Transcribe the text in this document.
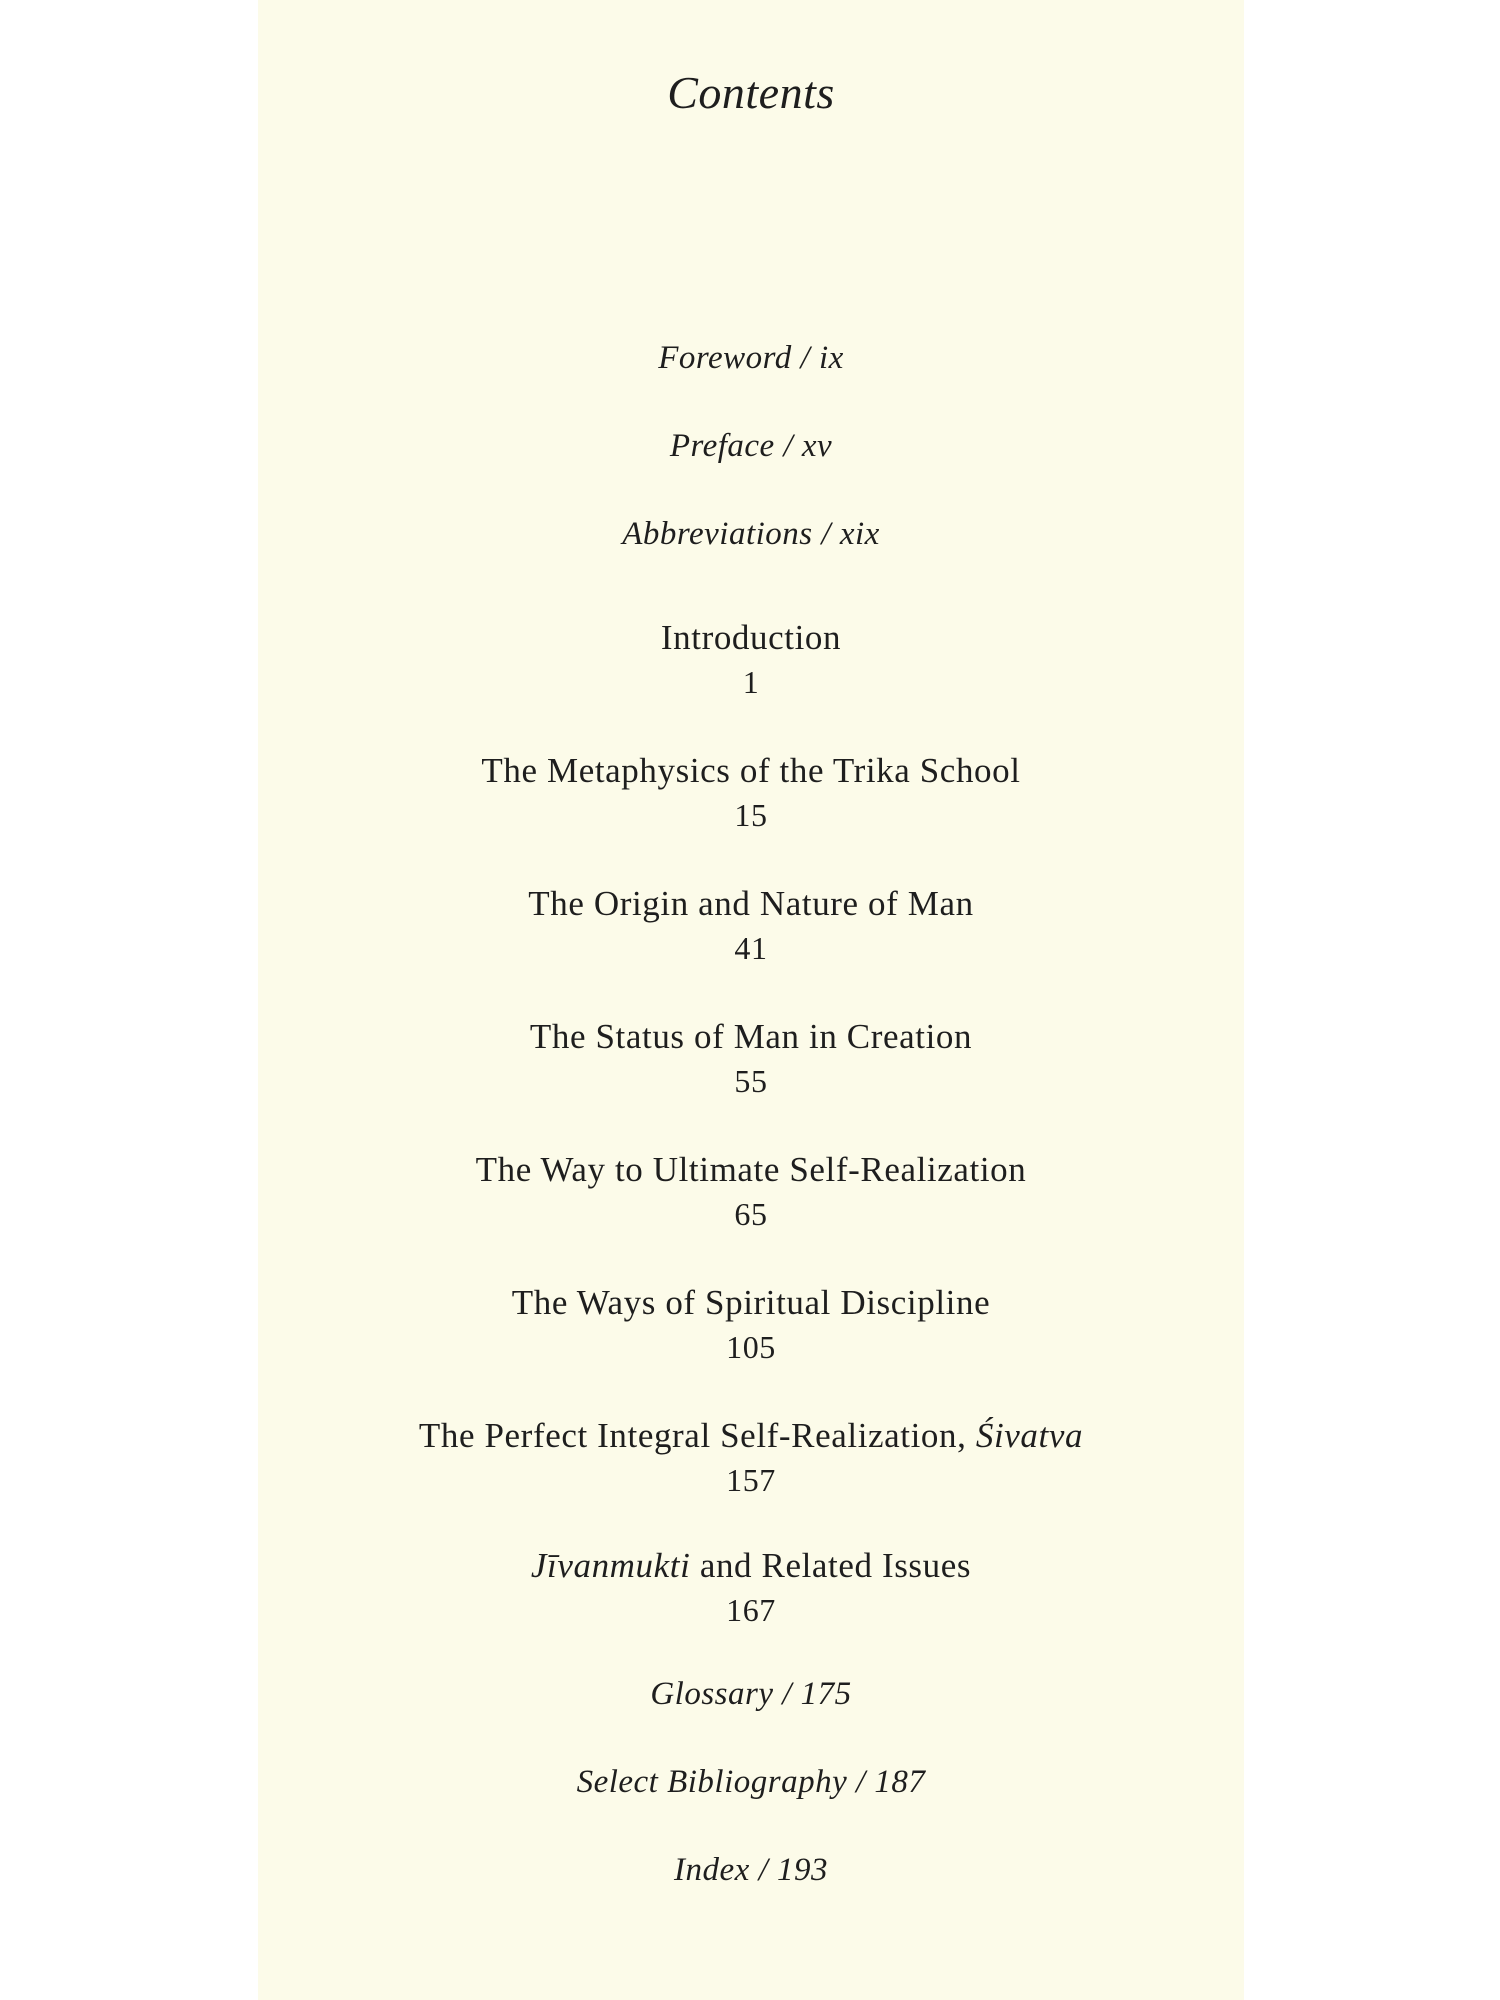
Contents
Foreword / ix
Preface / xv
Abbreviations / xix
Introduction
1
The Metaphysics of the Trika School
15
The Origin and Nature of Man
41
The Status of Man in Creation
55
The Way to Ultimate Self-Realization
65
The Ways of Spiritual Discipline
105
The Perfect Integral Self-Realization, Śivatva
157
Jīvanmukti and Related Issues
167
Glossary / 175
Select Bibliography / 187
Index / 193
